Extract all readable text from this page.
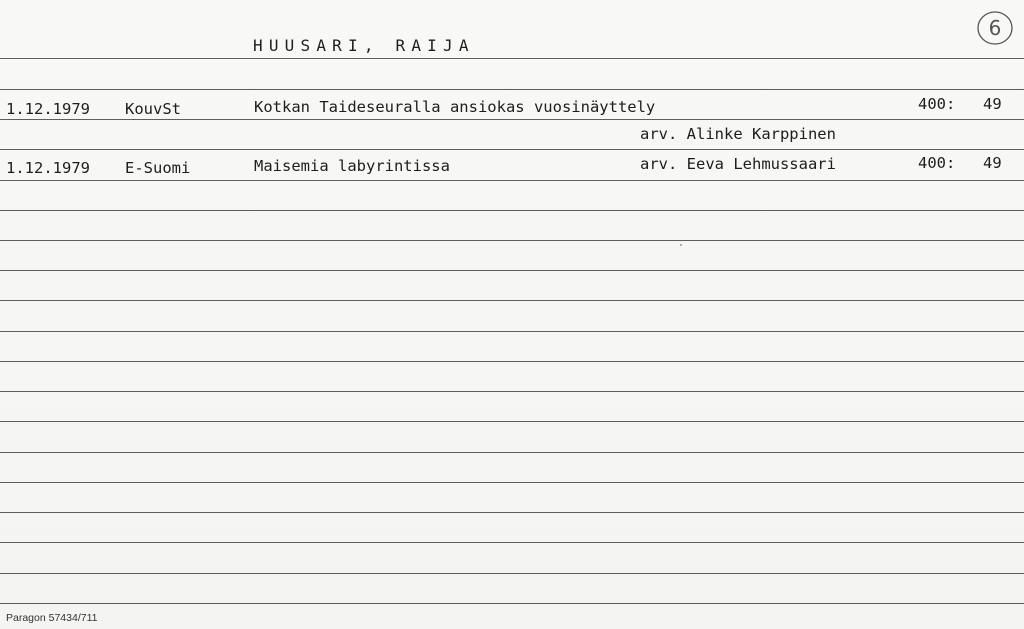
HUUSARI, RAIJA
6
1.12.1979 KouvSt	Kotkan Taideseuralla ansiokas vuosinäyttely	400: 49
arv. Alinke Karppinen
1.12.1979 E-Suomi	Maisemia labyrintissa	arv. Eeva Lehmussaari	400: 49
Paragon 57434/711
